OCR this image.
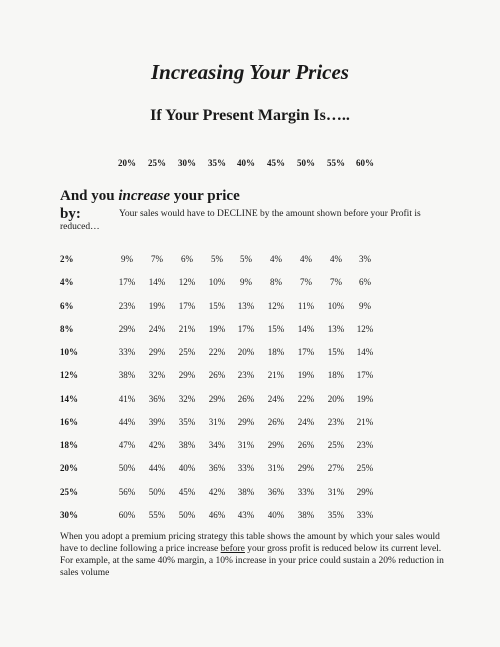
Increasing Your Prices
If Your Present Margin Is…..
20%	25%	30%	35%	40%	45%	50%	55%	60%
And you increase your price
by:	Your sales would have to DECLINE by the amount shown before your Profit is reduced…
2%	9%	7%	6%	5%	5%	4%	4%	4%	3%
4%	17%	14%	12%	10%	9%	8%	7%	7%	6%
6%	23%	19%	17%	15%	13%	12%	11%	10%	9%
8%	29%	24%	21%	19%	17%	15%	14%	13%	12%
10%	33%	29%	25%	22%	20%	18%	17%	15%	14%
12%	38%	32%	29%	26%	23%	21%	19%	18%	17%
14%	41%	36%	32%	29%	26%	24%	22%	20%	19%
16%	44%	39%	35%	31%	29%	26%	24%	23%	21%
18%	47%	42%	38%	34%	31%	29%	26%	25%	23%
20%	50%	44%	40%	36%	33%	31%	29%	27%	25%
25%	56%	50%	45%	42%	38%	36%	33%	31%	29%
30%	60%	55%	50%	46%	43%	40%	38%	35%	33%
When you adopt a premium pricing strategy this table shows the amount by which your sales would have to decline following a price increase before your gross profit is reduced below its current level. For example, at the same 40% margin, a 10% increase in your price could sustain a 20% reduction in sales volume
